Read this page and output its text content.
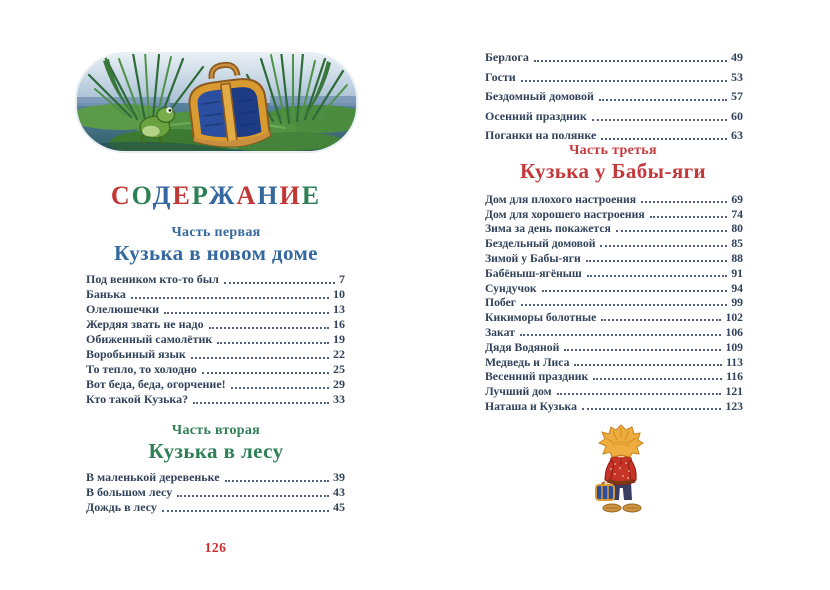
СОДЕРЖАНИЕ
Часть первая
Кузька в новом доме
Под веником кто-то был	7
Банька	10
Олелюшечки	13
Жердяя звать не надо	16
Обиженный самолётик	19
Воробьиный язык	22
То тепло, то холодно	25
Вот беда, беда, огорчение!	29
Кто такой Кузька?	33
Часть вторая
Кузька в лесу
В маленькой деревеньке	39
В большом лесу	43
Дождь в лесу	45
126
Берлога	49
Гости	53
Бездомный домовой	57
Осенний праздник	60
Поганки на полянке	63
Часть третья
Кузька у Бабы-яги
Дом для плохого настроения	69
Дом для хорошего настроения	74
Зима за день покажется	80
Бездельный домовой	85
Зимой у Бабы-яги	88
Бабёныш-ягёныш	91
Сундучок	94
Побег	99
Кикиморы болотные	102
Закат	106
Дядя Водяной	109
Медведь и Лиса	113
Весенний праздник	116
Лучший дом	121
Наташа и Кузька	123
